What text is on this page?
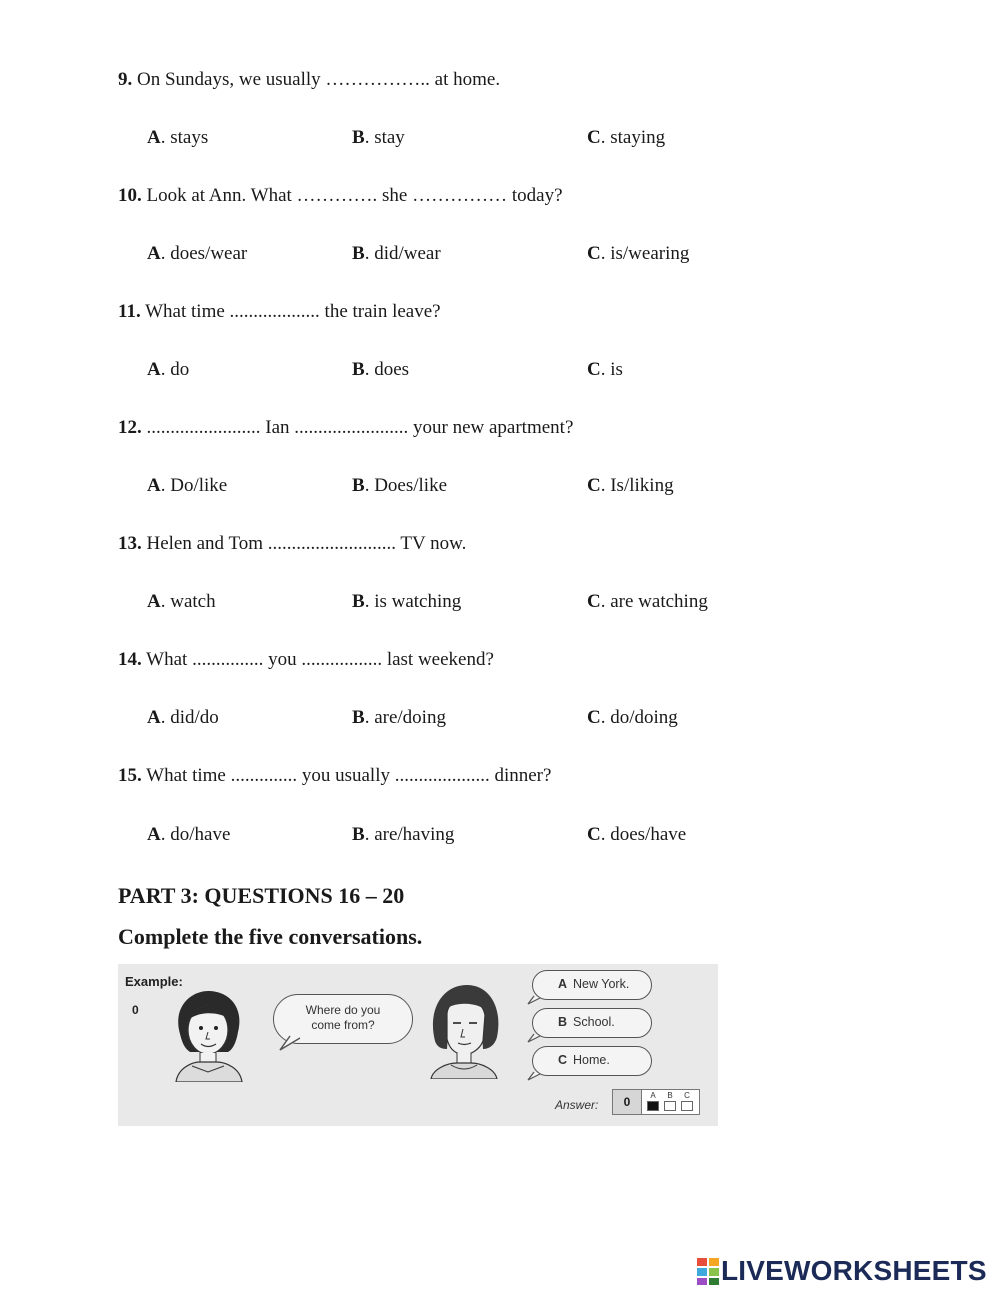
9. On Sundays, we usually …………….. at home.
A. stays	B. stay	C. staying
10. Look at Ann. What …………. she …………… today?
A. does/wear	B. did/wear	C. is/wearing
11. What time ................... the train leave?
A. do	B. does	C. is
12. ........................ Ian ........................ your new apartment?
A. Do/like	B. Does/like	C. Is/liking
13. Helen and Tom ........................... TV now.
A. watch	B. is watching	C. are watching
14. What ............... you ................. last weekend?
A. did/do	B. are/doing	C. do/doing
15. What time .............. you usually .................... dinner?
A. do/have	B. are/having	C. does/have
PART 3: QUESTIONS 16 – 20
Complete the five conversations.
Example:
0	Where do you
come from?
A New York.
B School.
C Home.
Answer:	0	A	B	C
LIVEWORKSHEETS
